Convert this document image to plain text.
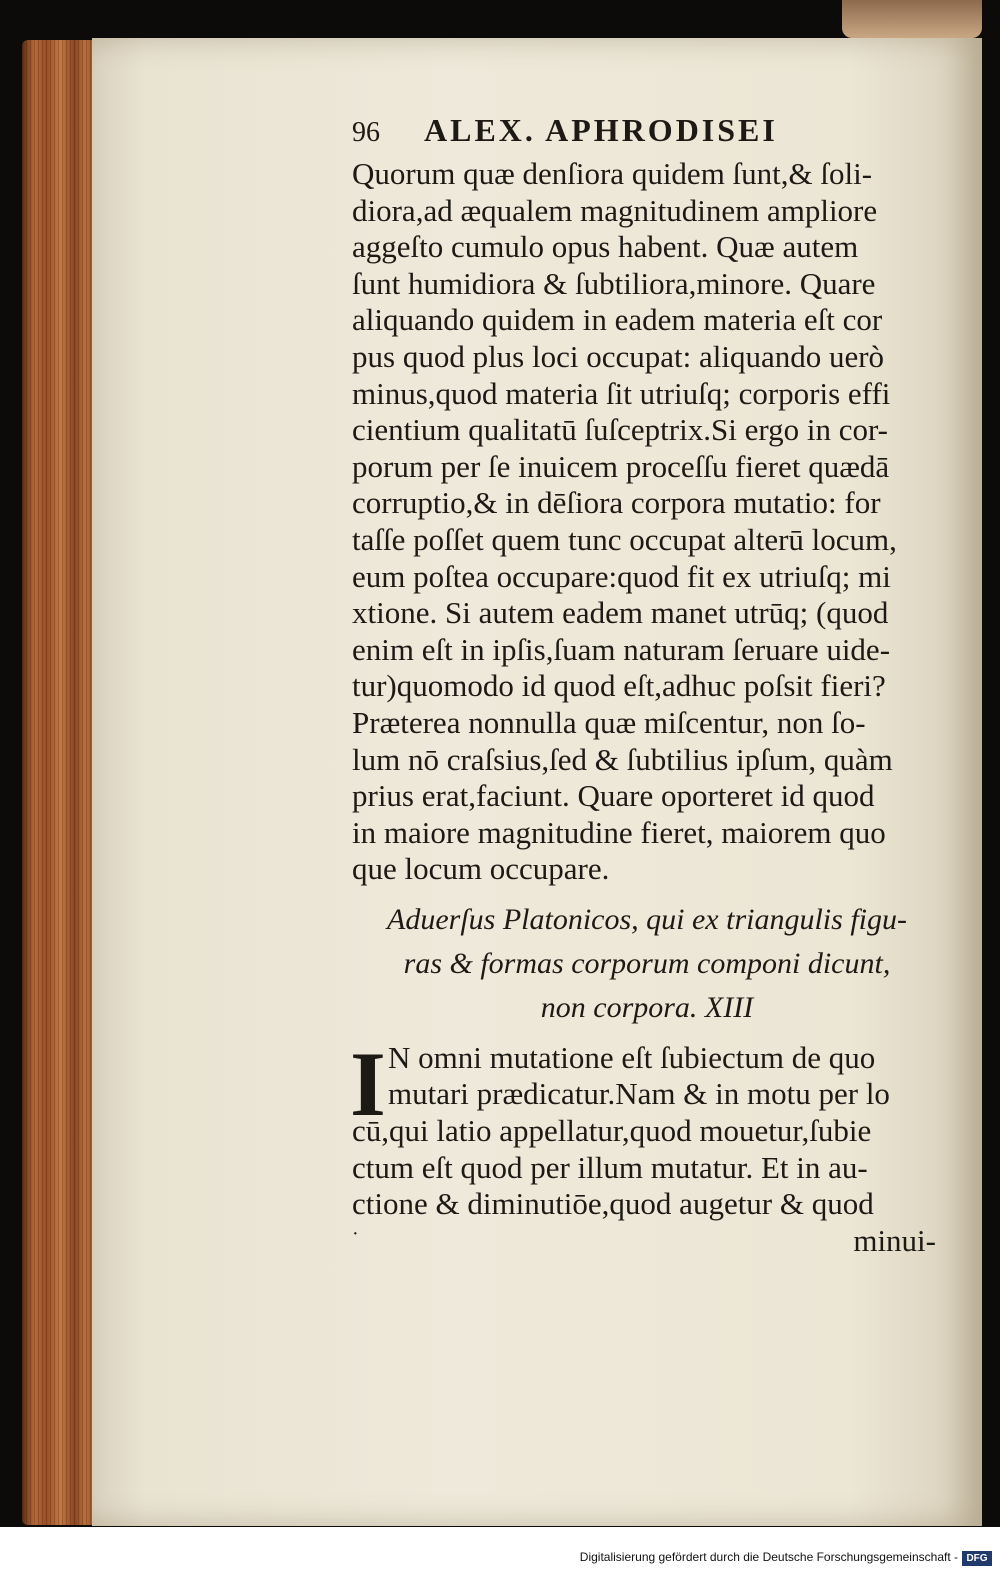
96 ALEX. APHRODISEI
Quorum quæ denſiora quidem ſunt,& ſoli-
diora,ad æqualem magnitudinem ampliore
aggeſto cumulo opus habent. Quæ autem
ſunt humidiora & ſubtiliora,minore. Quare
aliquando quidem in eadem materia eſt cor
pus quod plus loci occupat: aliquando uerò
minus,quod materia ſit utriuſq; corporis effi
cientium qualitatū ſuſceptrix.Si ergo in cor-
porum per ſe inuicem proceſſu fieret quædā
corruptio,& in dēſiora corpora mutatio: for
taſſe poſſet quem tunc occupat alterū locum,
eum poſtea occupare:quod fit ex utriuſq; mi
xtione. Si autem eadem manet utrūq; (quod
enim eſt in ipſis,ſuam naturam ſeruare uide-
tur)quomodo id quod eſt,adhuc poſsit fieri?
Præterea nonnulla quæ miſcentur, non ſo-
lum nō craſsius,ſed & ſubtilius ipſum, quàm
prius erat,faciunt. Quare oporteret id quod
in maiore magnitudine fieret, maiorem quo
que locum occupare.
Aduerſus Platonicos, qui ex triangulis figu-
ras & formas corporum componi dicunt,
non corpora. XIII
I N omni mutatione eſt ſubiectum de quo
mutari prædicatur.Nam & in motu per lo
cū,qui latio appellatur,quod mouetur,ſubie
ctum eſt quod per illum mutatur. Et in au-
ctione & diminutiōe,quod augetur & quod
·	minui-
Digitalisierung gefördert durch die Deutsche Forschungsgemeinschaft - DFG
